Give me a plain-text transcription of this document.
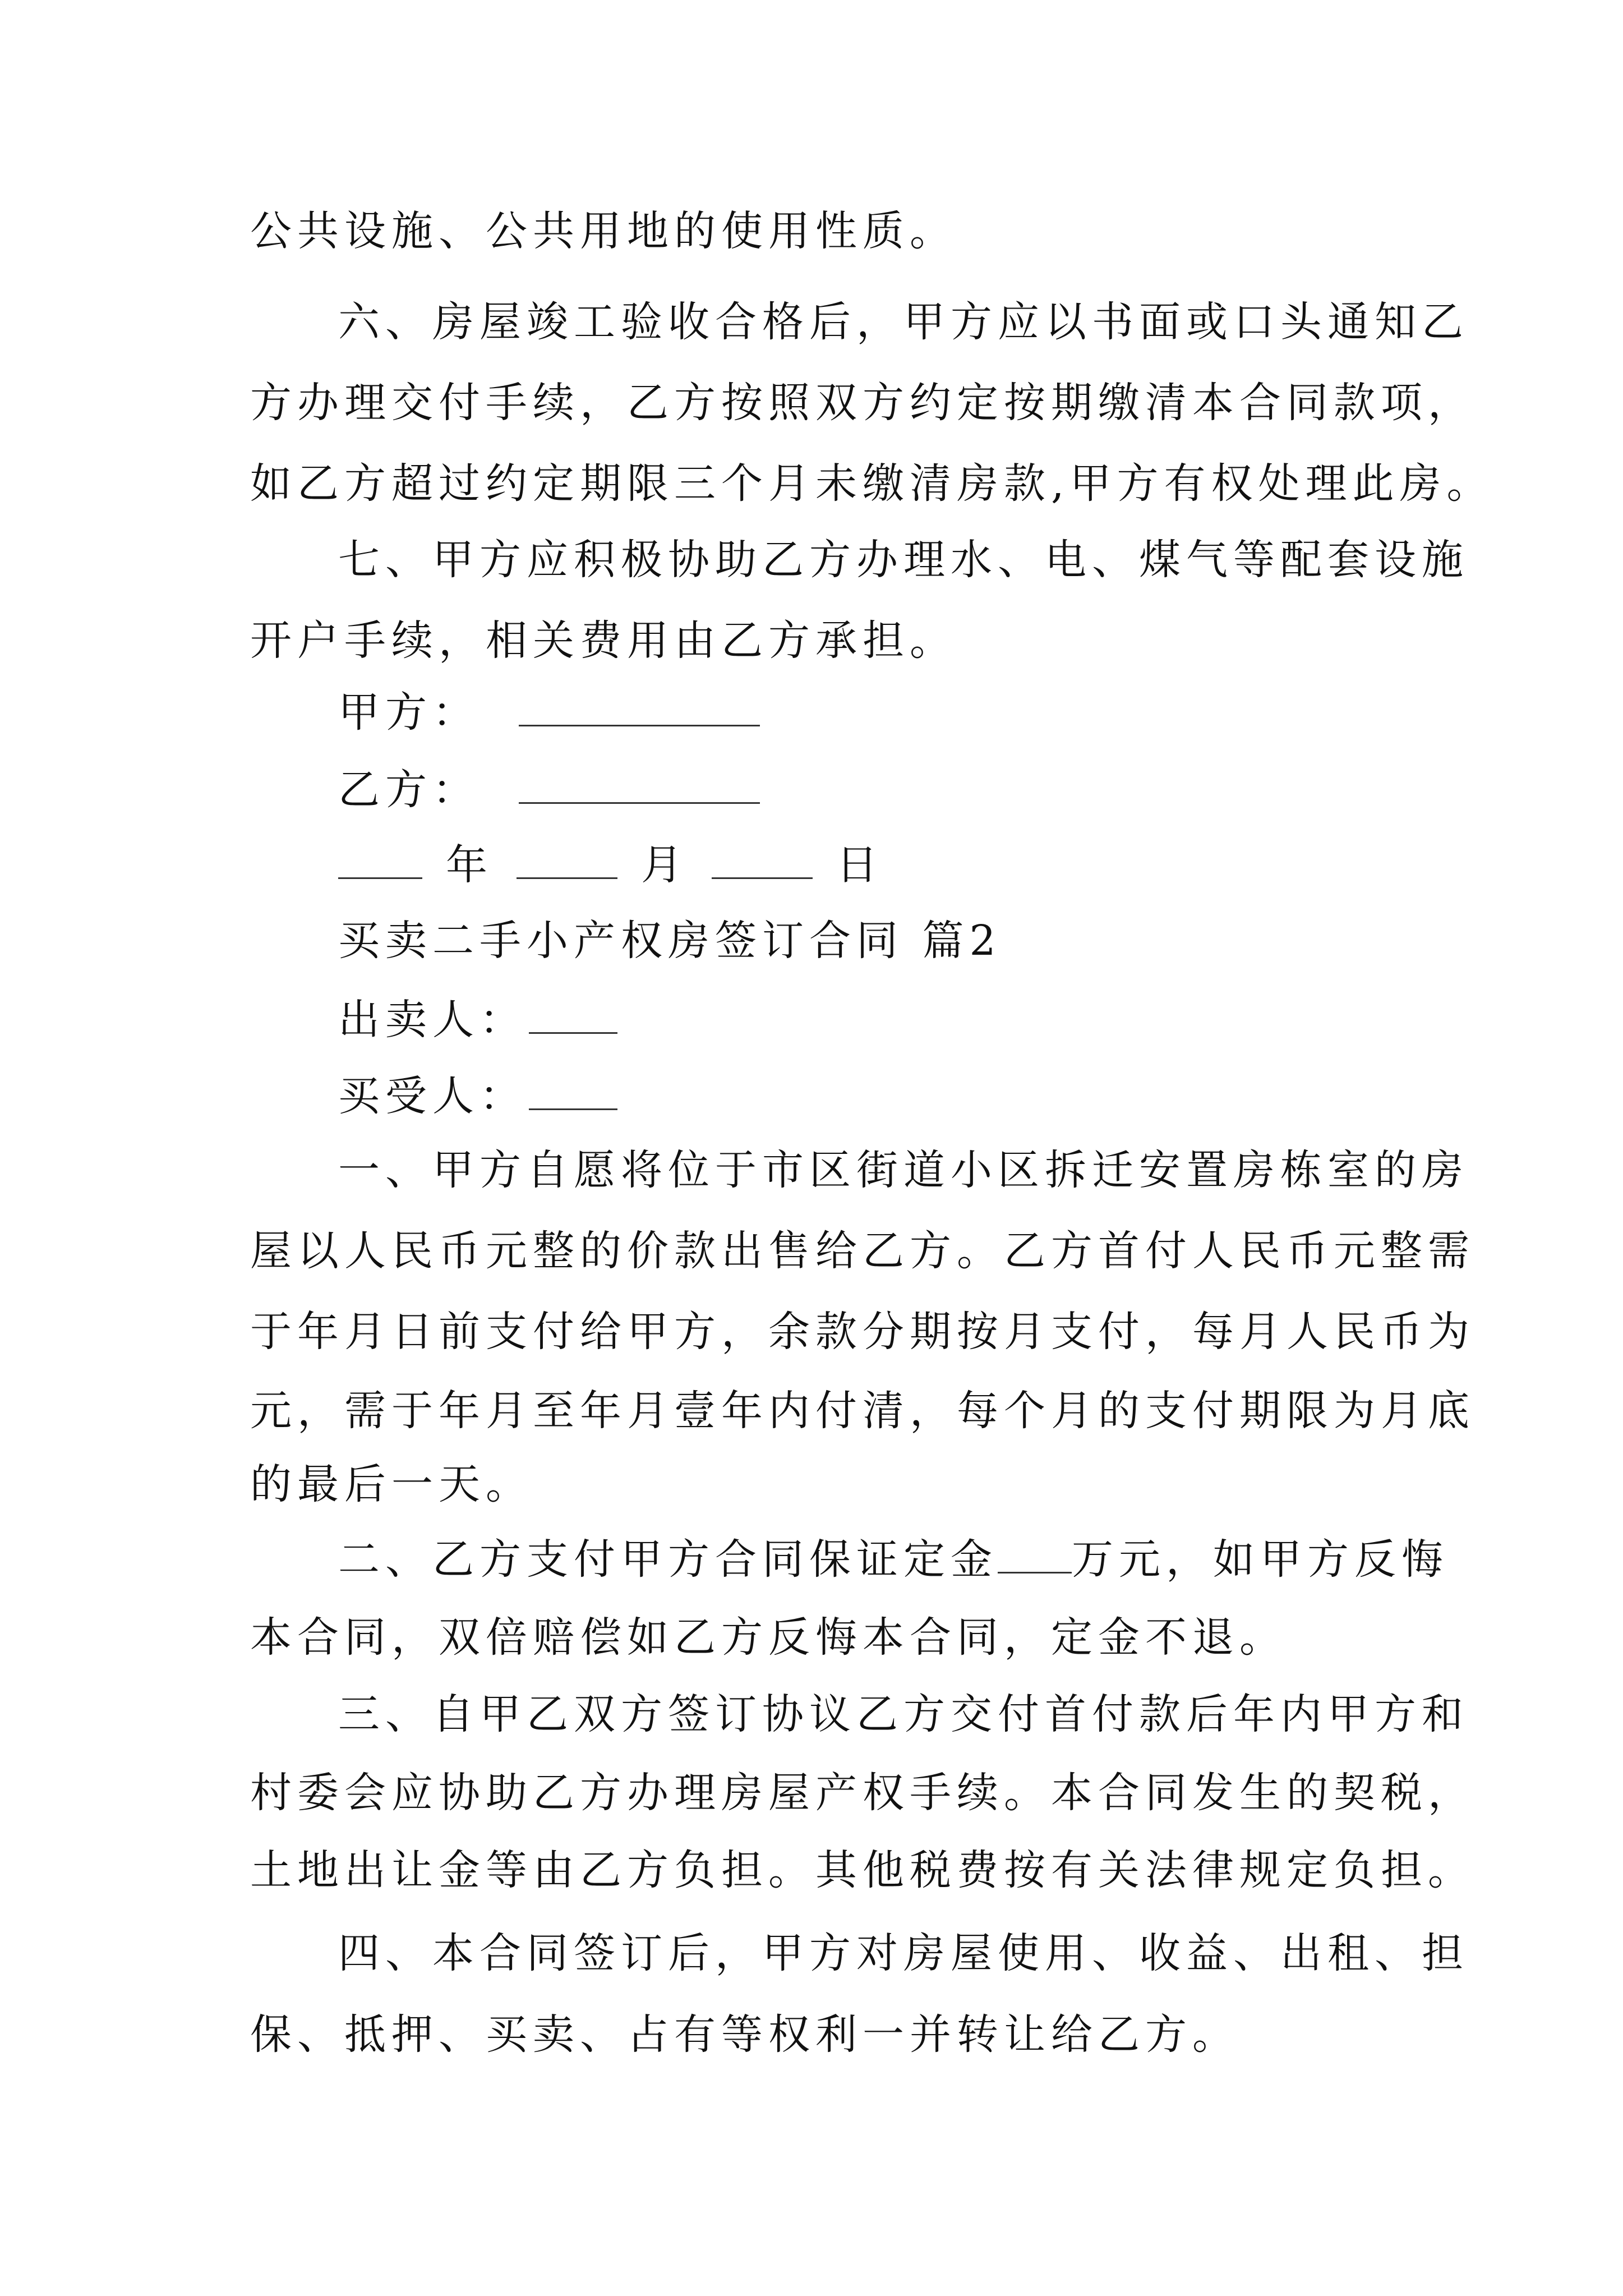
公共设施、公共用地的使用性质。
六、房屋竣工验收合格后，甲方应以书面或口头通知乙
方办理交付手续，乙方按照双方约定按期缴清本合同款项，
如乙方超过约定期限三个月未缴清房款,甲方有权处理此房。
七、甲方应积极协助乙方办理水、电、煤气等配套设施
开户手续，相关费用由乙方承担。
甲方：
乙方：
年	月	日
买卖二手小产权房签订合同 篇2
出卖人：
买受人：
一、甲方自愿将位于市区街道小区拆迁安置房栋室的房
屋以人民币元整的价款出售给乙方。乙方首付人民币元整需
于年月日前支付给甲方，余款分期按月支付，每月人民币为
元，需于年月至年月壹年内付清，每个月的支付期限为月底
的最后一天。
二、乙方支付甲方合同保证定金 万元，如甲方反悔
本合同，双倍赔偿如乙方反悔本合同，定金不退。
三、自甲乙双方签订协议乙方交付首付款后年内甲方和
村委会应协助乙方办理房屋产权手续。本合同发生的契税，
土地出让金等由乙方负担。其他税费按有关法律规定负担。
四、本合同签订后，甲方对房屋使用、收益、出租、担
保、抵押、买卖、占有等权利一并转让给乙方。
